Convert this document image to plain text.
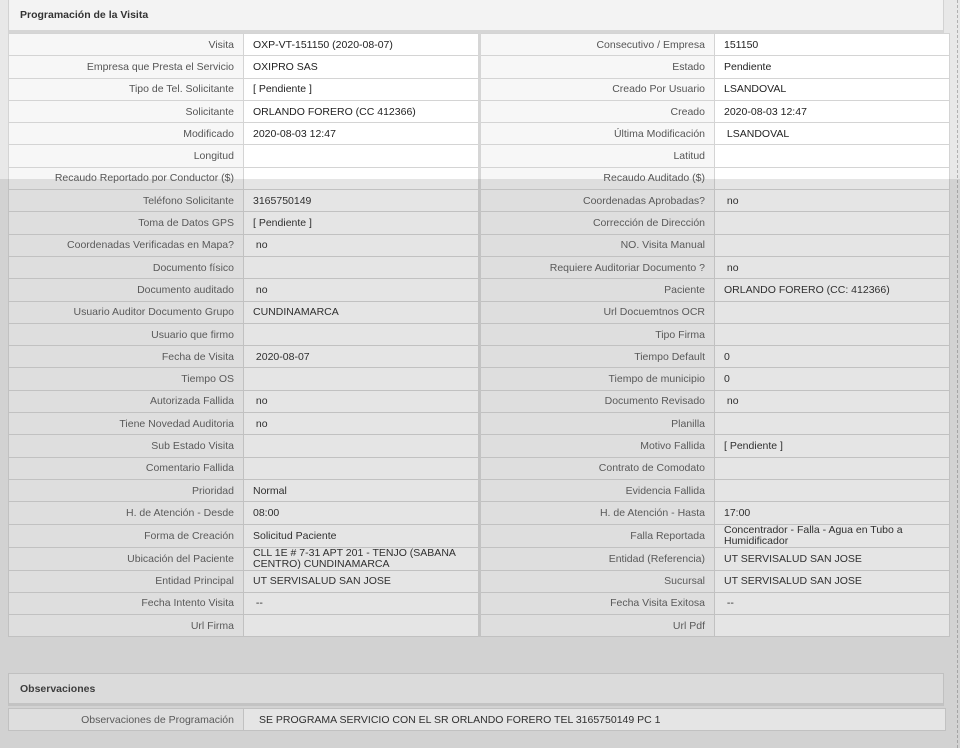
Programación de la Visita
Visita	OXP-VT-151150 (2020-08-07)	Consecutivo / Empresa	151150
Empresa que Presta el Servicio	OXIPRO SAS	Estado	Pendiente
Tipo de Tel. Solicitante	[ Pendiente ]	Creado Por Usuario	LSANDOVAL
Solicitante	ORLANDO FORERO (CC 412366)	Creado	2020-08-03 12:47
Modificado	2020-08-03 12:47	Última Modificación	LSANDOVAL
Longitud		Latitud	
Recaudo Reportado por Conductor ($)		Recaudo Auditado ($)	
Teléfono Solicitante	3165750149	Coordenadas Aprobadas?	no
Toma de Datos GPS	[ Pendiente ]	Corrección de Dirección	
Coordenadas Verificadas en Mapa?	no	NO. Visita Manual	
Documento físico		Requiere Auditoriar Documento ?	no
Documento auditado	no	Paciente	ORLANDO FORERO (CC: 412366)
Usuario Auditor Documento Grupo	CUNDINAMARCA	Url Docuemtnos OCR	
Usuario que firmo		Tipo Firma	
Fecha de Visita	2020-08-07	Tiempo Default	0
Tiempo OS		Tiempo de municipio	0
Autorizada Fallida	no	Documento Revisado	no
Tiene Novedad Auditoria	no	Planilla	
Sub Estado Visita		Motivo Fallida	[ Pendiente ]
Comentario Fallida		Contrato de Comodato	
Prioridad	Normal	Evidencia Fallida	
H. de Atención - Desde	08:00	H. de Atención - Hasta	17:00
Forma de Creación	Solicitud Paciente	Falla Reportada	Concentrador - Falla - Agua en Tubo a Humidificador
Ubicación del Paciente	CLL 1E # 7-31 APT 201 - TENJO (SABANA CENTRO) CUNDINAMARCA	Entidad (Referencia)	UT SERVISALUD SAN JOSE
Entidad Principal	UT SERVISALUD SAN JOSE	Sucursal	UT SERVISALUD SAN JOSE
Fecha Intento Visita	--	Fecha Visita Exitosa	--
Url Firma		Url Pdf	
Observaciones
Observaciones de Programación	SE PROGRAMA SERVICIO CON EL SR ORLANDO FORERO TEL 3165750149 PC 1
